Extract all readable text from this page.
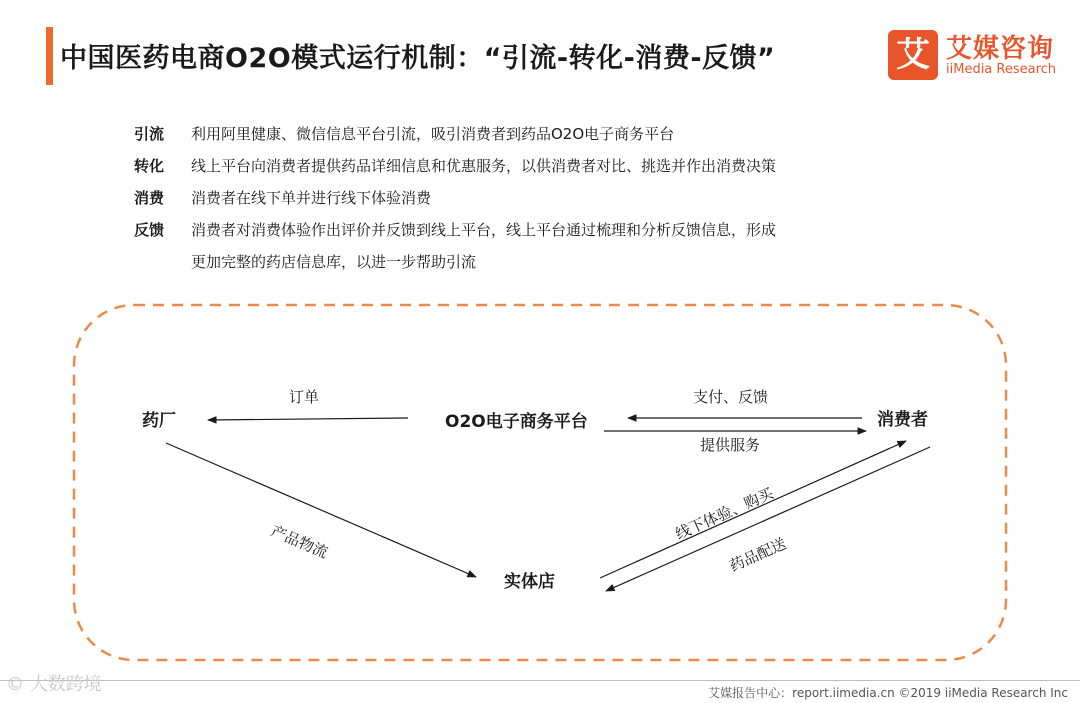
中国医药电商O2O模式运行机制：“引流-转化-消费-反馈”	艾 艾媒咨询
iiMedia Research
引流 利用阿里健康、微信信息平台引流，吸引消费者到药品O2O电子商务平台
转化 线上平台向消费者提供药品详细信息和优惠服务，以供消费者对比、挑选并作出消费决策
消费 消费者在线下单并进行线下体验消费
反馈 消费者对消费体验作出评价并反馈到线上平台，线上平台通过梳理和分析反馈信息，形成
更加完整的药店信息库，以进一步帮助引流
药厂	O2O电子商务平台	消费者
实体店
订单	支付、反馈
提供服务
产品物流	线下体验、购买
药品配送
© 大数跨境	艾媒报告中心：report.iimedia.cn ©2019 iiMedia Research Inc
